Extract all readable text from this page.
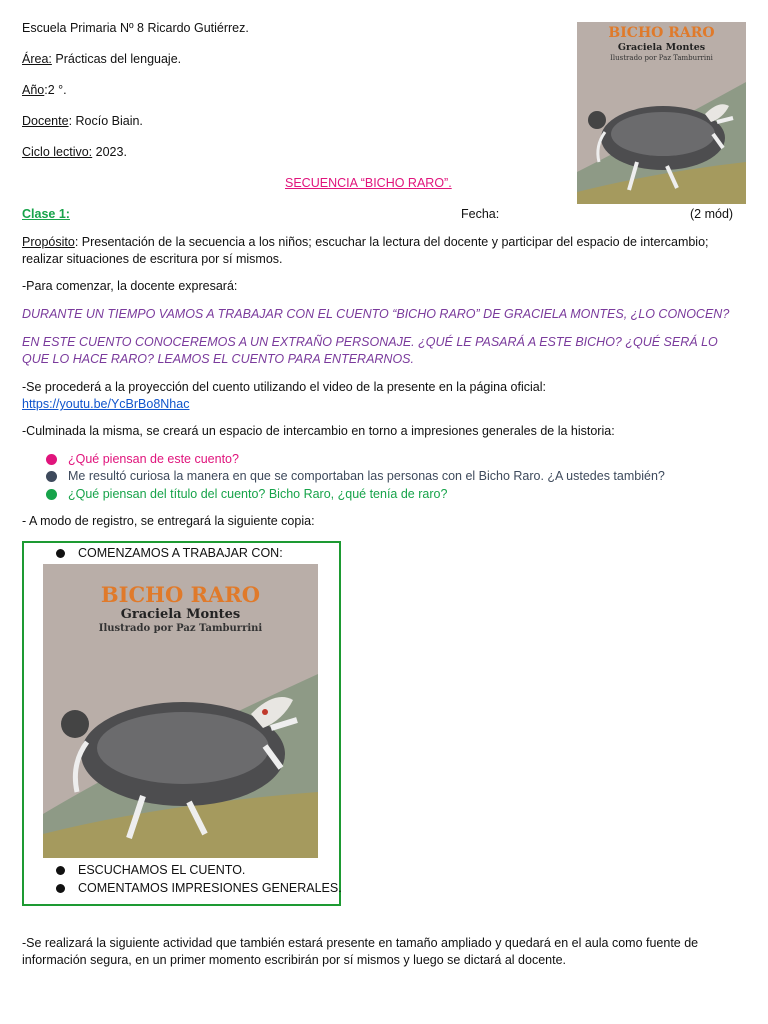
Escuela Primaria Nº 8 Ricardo Gutiérrez.
Área: Prácticas del lenguaje.
Año:2 °.
Docente: Rocío Biain.
Ciclo lectivo: 2023.
BICHO RARO
Graciela Montes
Ilustrado por Paz Tamburrini
SECUENCIA “BICHO RARO”.
Clase 1:	Fecha:	(2 mód)
Propósito: Presentación de la secuencia a los niños; escuchar la lectura del docente y participar del espacio de intercambio; realizar situaciones de escritura por sí mismos.
-Para comenzar, la docente expresará:
DURANTE UN TIEMPO VAMOS A TRABAJAR CON EL CUENTO “BICHO RARO” DE GRACIELA MONTES, ¿LO CONOCEN?
EN ESTE CUENTO CONOCEREMOS A UN EXTRAÑO PERSONAJE. ¿QUÉ LE PASARÁ A ESTE BICHO? ¿QUÉ SERÁ LO QUE LO HACE RARO? LEAMOS EL CUENTO PARA ENTERARNOS.
-Se procederá a la proyección del cuento utilizando el video de la presente en la página oficial:
https://youtu.be/YcBrBo8Nhac
-Culminada la misma, se creará un espacio de intercambio en torno a impresiones generales de la historia:
¿Qué piensan de este cuento?
Me resultó curiosa la manera en que se comportaban las personas con el Bicho Raro. ¿A ustedes también?
¿Qué piensan del título del cuento? Bicho Raro, ¿qué tenía de raro?
- A modo de registro, se entregará la siguiente copia:
COMENZAMOS A TRABAJAR CON:
BICHO RARO
Graciela Montes
Ilustrado por Paz Tamburrini
ESCUCHAMOS EL CUENTO.
COMENTAMOS IMPRESIONES GENERALES.
-Se realizará la siguiente actividad que también estará presente en tamaño ampliado y quedará en el aula como fuente de información segura, en un primer momento escribirán por sí mismos y luego se dictará al docente.
